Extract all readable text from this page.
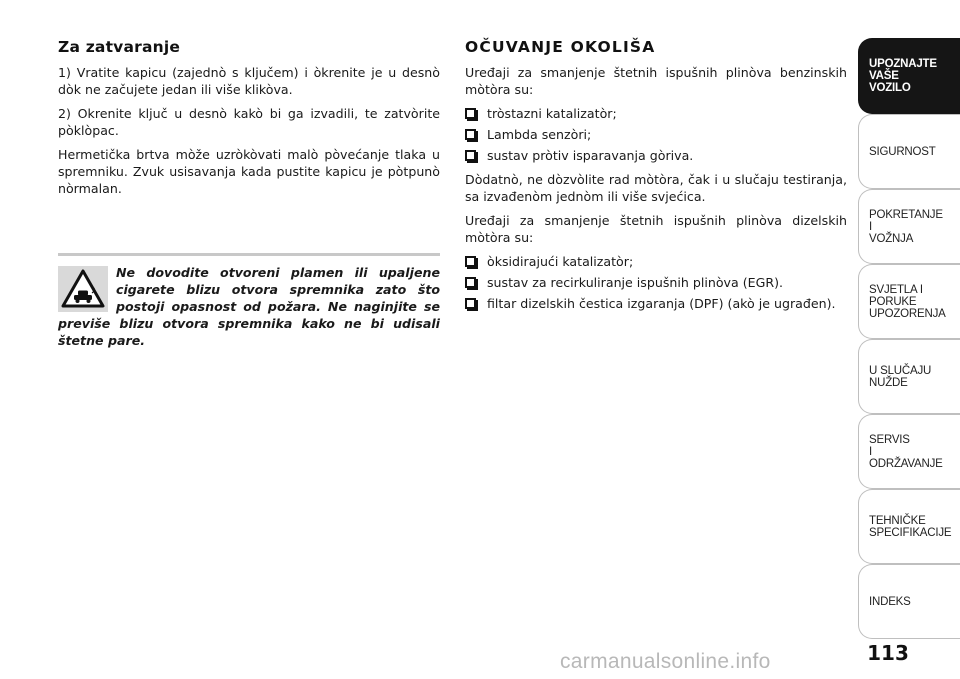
Za zatvaranje

1) Vratite kapicu (zajednò s ključem) i òkrenite je u desnò dòk ne začujete jedan ili više klikòva.

2) Okrenite ključ u desnò kakò bi ga izvadili, te zatvòrite pòklòpac.

Hermetička brtva mòže uzròkòvati malò pòvećanje tlaka u spremniku. Zvuk usisavanja kada pustite kapicu je pòtpunò nòrmalan.

Ne dovodite otvoreni plamen ili upaljene cigarete blizu otvora spremnika zato što postoji opasnost od požara. Ne naginjite se previše blizu otvora spremnika kako ne bi udisali štetne pare.
OČUVANJE OKOLIŠA

Uređaji za smanjenje štetnih ispušnih plinòva benzinskih mòtòra su:

tròstazni katalizatòr;
Lambda senzòri;
sustav pròtiv isparavanja gòriva.

Dòdatnò, ne dòzvòlite rad mòtòra, čak i u slučaju testiranja, sa izvađenòm jednòm ili više svjećica.

Uređaji za smanjenje štetnih ispušnih plinòva dizelskih mòtòra su:

òksidirajući katalizatòr;
sustav za recirkuliranje ispušnih plinòva (EGR).
filtar dizelskih čestica izgaranja (DPF) (akò je ugrađen).
UPOZNAJTE
VAŠE
VOZILO
SIGURNOST
POKRETANJE
I
VOŽNJA
SVJETLA I
PORUKE
UPOZORENJA
U SLUČAJU
NUŽDE
SERVIS
I
ODRŽAVANJE
TEHNIČKE
SPECIFIKACIJE
INDEKS
113
carmanualsonline.info
